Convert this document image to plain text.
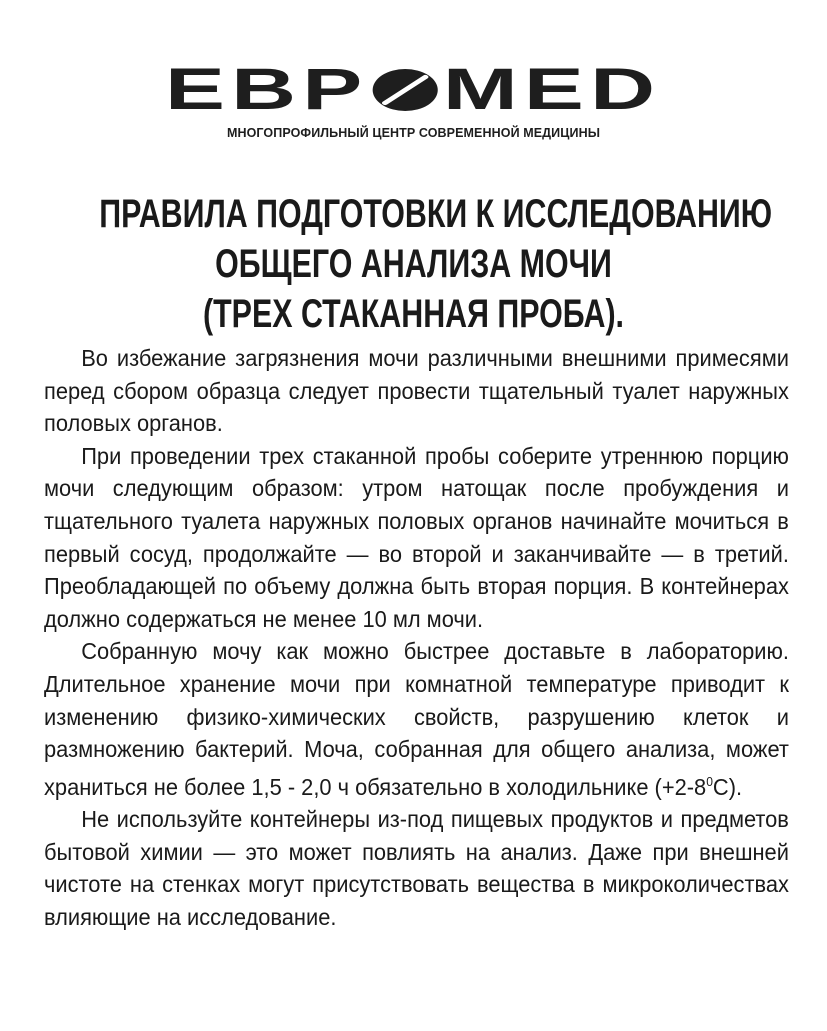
ЕВР MED
МНОГОПРОФИЛЬНЫЙ ЦЕНТР СОВРЕМЕННОЙ МЕДИЦИНЫ
ПРАВИЛА ПОДГОТОВКИ К ИССЛЕДОВАНИЮ
ОБЩЕГО АНАЛИЗА МОЧИ
(ТРЕХ СТАКАННАЯ ПРОБА).

Во избежание загрязнения мочи различными внешними примесями перед сбором образца следует провести тщательный туалет наружных половых органов.

При проведении трех стаканной пробы соберите утреннюю порцию мочи следующим образом: утром натощак после пробуждения и тщательного туалета наружных половых органов начинайте мочиться в первый сосуд, продолжайте — во второй и заканчивайте — в третий. Преобладающей по объему должна быть вторая порция. В контейнерах должно содержаться не менее 10 мл мочи.

Собранную мочу как можно быстрее доставьте в лабораторию. Длительное хранение мочи при комнатной температуре приводит к изменению физико-химических свойств, разрушению клеток и размножению бактерий. Моча, собранная для общего анализа, может храниться не более 1,5 - 2,0 ч обязательно в холодильнике $(+2-8^0С)$.

Не используйте контейнеры из-под пищевых продуктов и предметов бытовой химии — это может повлиять на анализ. Даже при внешней чистоте на стенках могут присутствовать вещества в микроколичествах влияющие на исследование.
